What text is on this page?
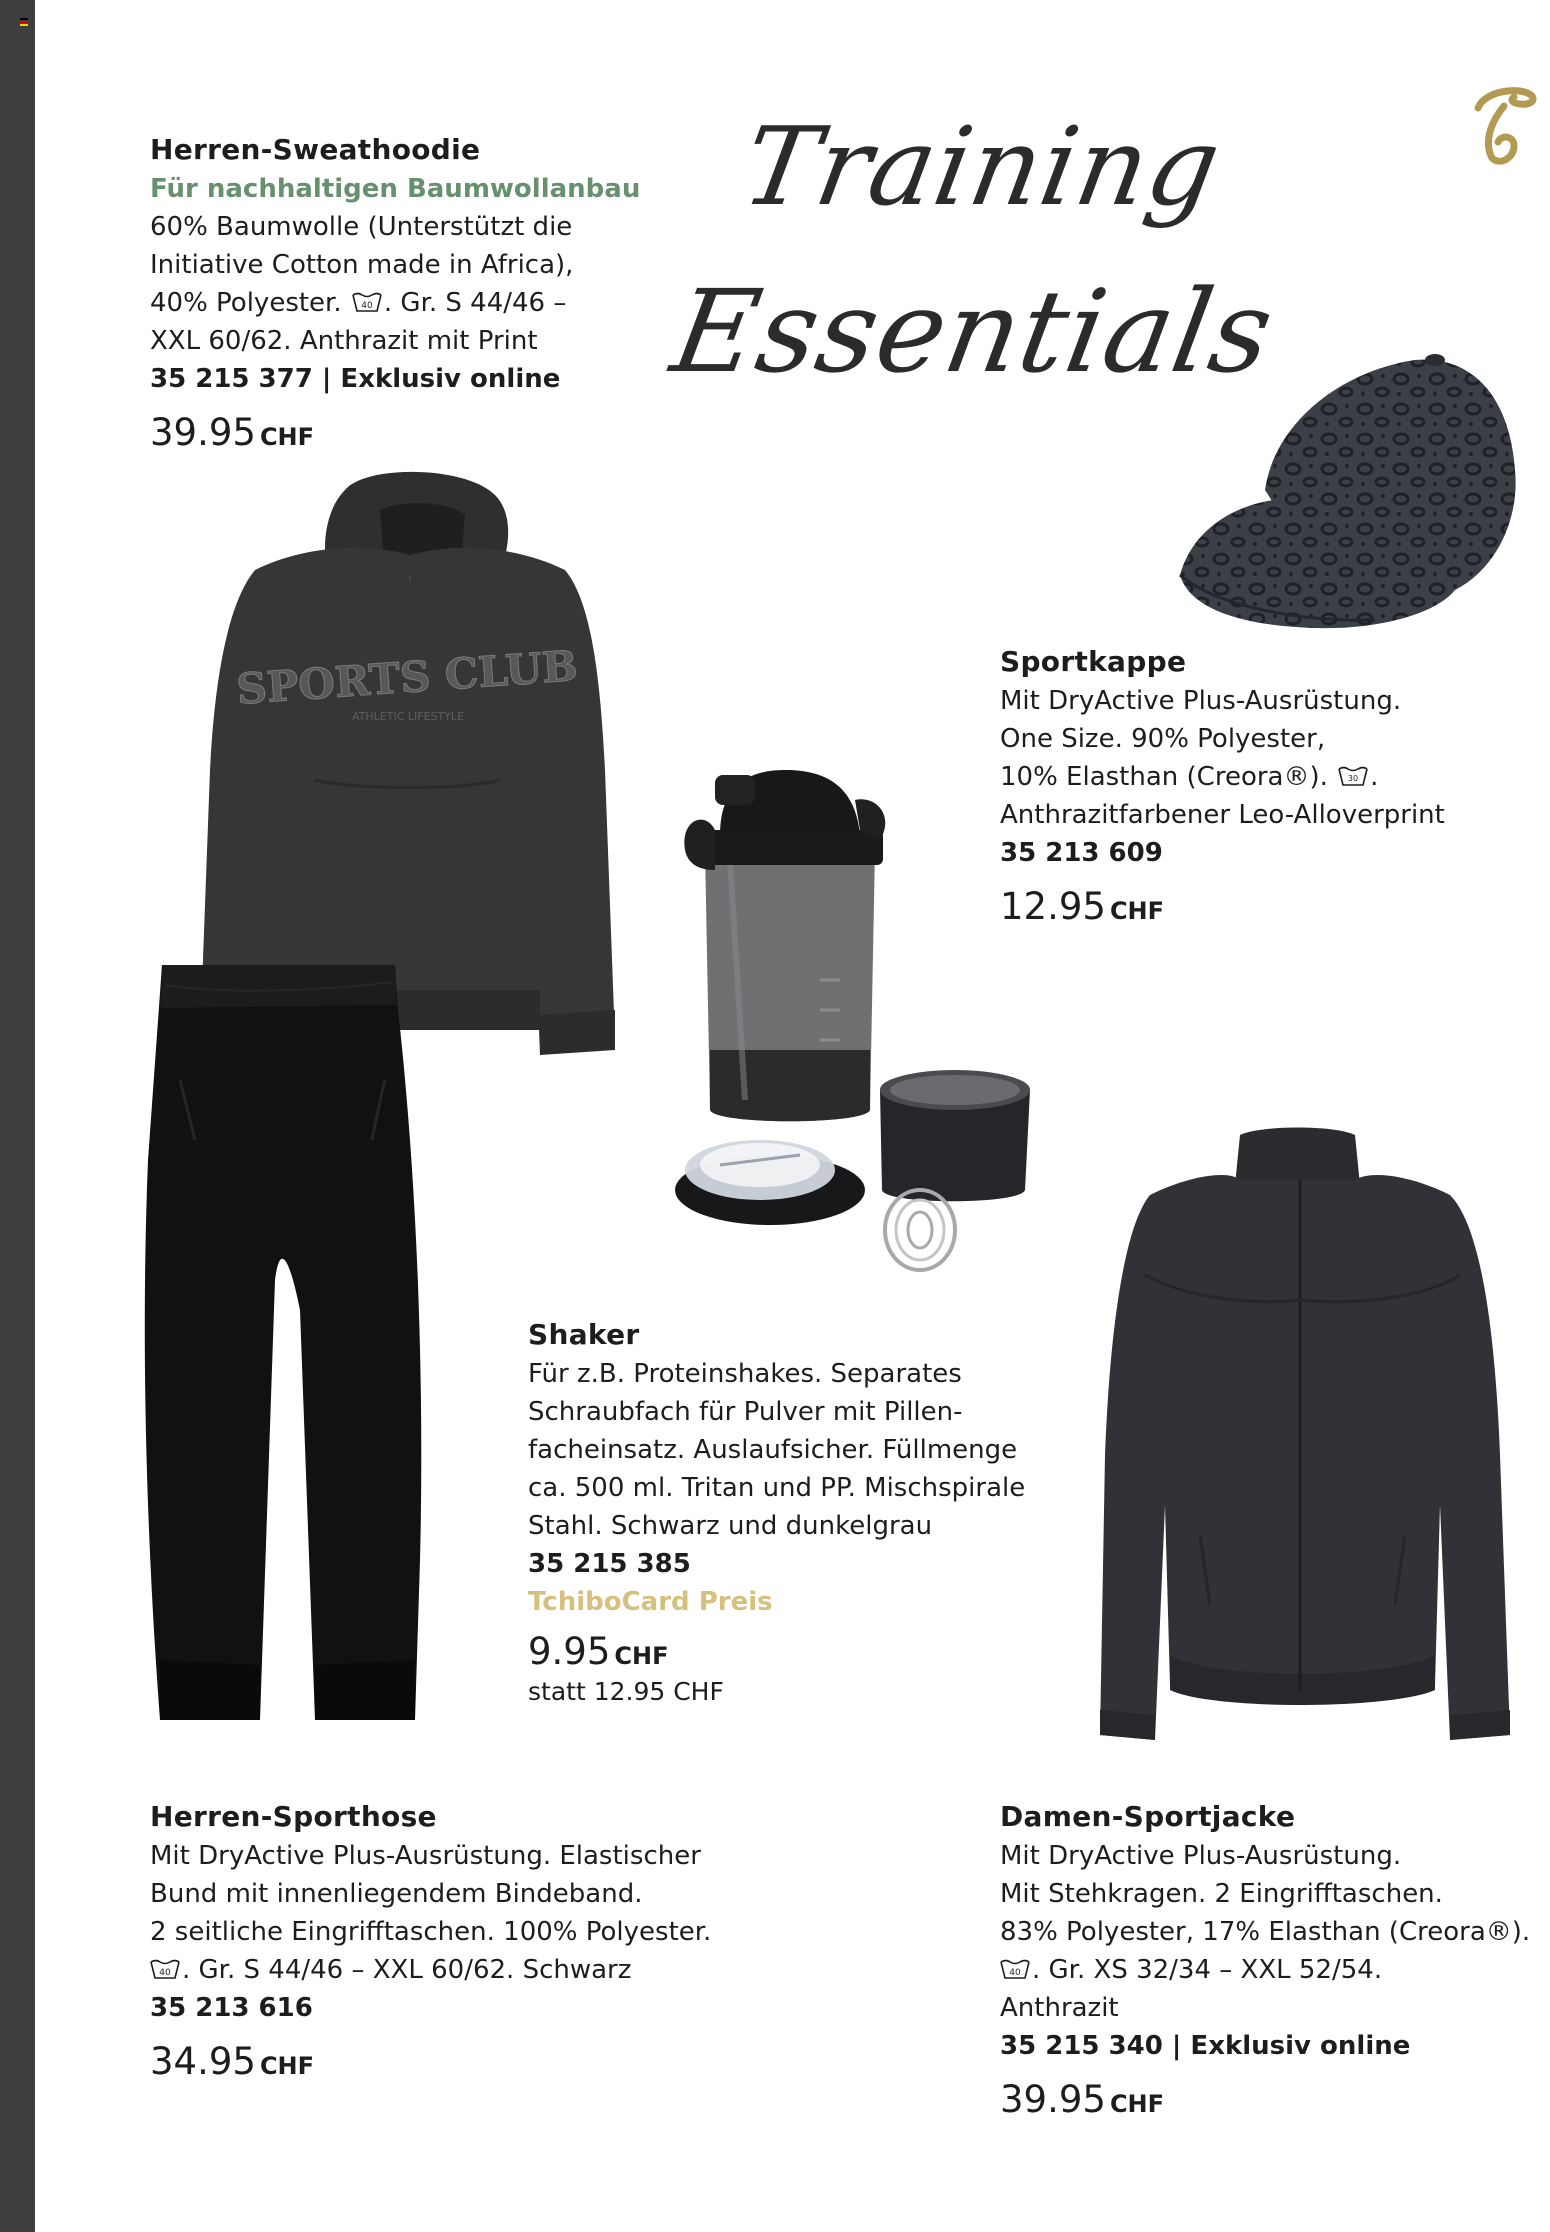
Training
Essentials
Herren-Sweathoodie
Für nachhaltigen Baumwollanbau
60% Baumwolle (Unterstützt die
Initiative Cotton made in Africa),
40% Polyester. 40 . Gr. S 44/46 –
XXL 60/62. Anthrazit mit Print
35 215 377 | Exklusiv online
39.95 CHF
SPORTS CLUB
ATHLETIC LIFESTYLE
Sportkappe
Mit DryActive Plus-Ausrüstung.
One Size. 90% Polyester,
10% Elasthan (Creora®).	30 .
Anthrazitfarbener Leo-Alloverprint
35 213 609
12.95 CHF
Shaker
Für z.B. Proteinshakes. Separates
Schraubfach für Pulver mit Pillen-
facheinsatz. Auslaufsicher. Füllmenge
ca. 500 ml. Tritan und PP. Mischspirale
Stahl. Schwarz und dunkelgrau
35 215 385
TchiboCard Preis
9.95 CHF
statt 12.95 CHF
Herren-Sporthose
Mit DryActive Plus-Ausrüstung. Elastischer
Bund mit innenliegendem Bindeband.
2 seitliche Eingrifftaschen. 100% Polyester.
40 . Gr. S 44/46 – XXL 60/62. Schwarz
35 213 616
34.95 CHF
Damen-Sportjacke
Mit DryActive Plus-Ausrüstung.
Mit Stehkragen. 2 Eingrifftaschen.
83% Polyester, 17% Elasthan (Creora®).
40 . Gr. XS 32/34 – XXL 52/54.
Anthrazit
35 215 340 | Exklusiv online
39.95 CHF
